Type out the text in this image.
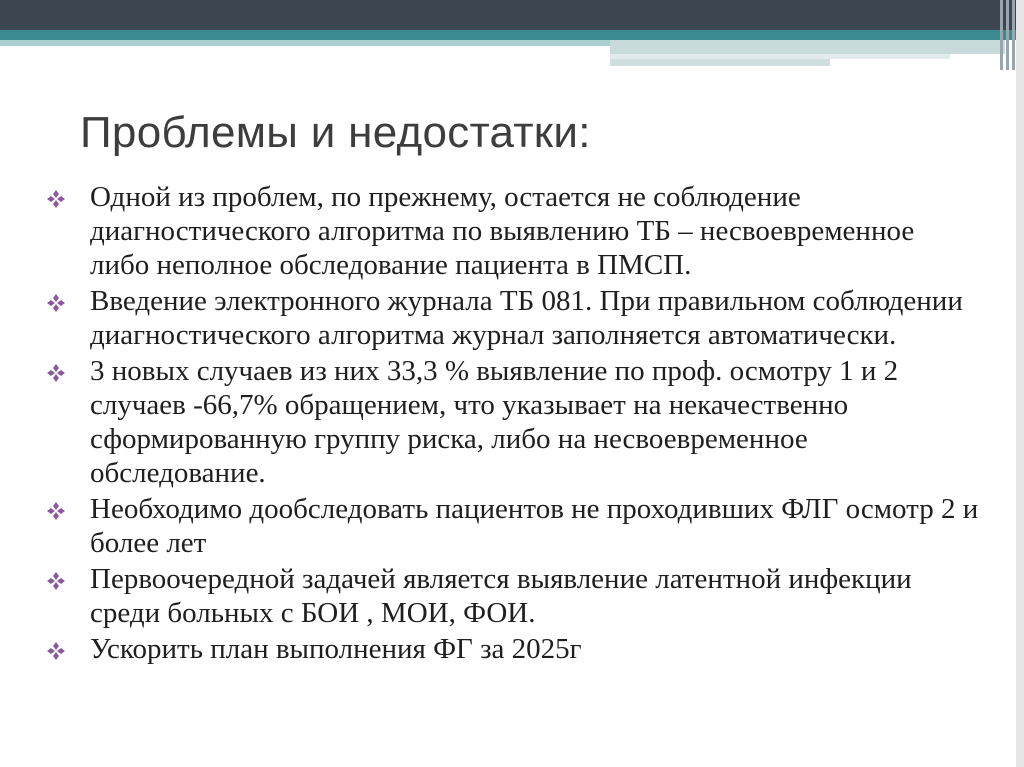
Проблемы и недостатки:
Одной из проблем, по прежнему, остается не соблюдение диагностического алгоритма по выявлению ТБ – несвоевременное либо неполное обследование пациента в ПМСП.
Введение электронного журнала ТБ 081. При правильном соблюдении диагностического алгоритма журнал заполняется автоматически.
3 новых случаев из них 33,3 % выявление по проф. осмотру 1 и 2 случаев -66,7% обращением, что указывает на некачественно сформированную группу риска, либо на несвоевременное обследование.
Необходимо дообследовать пациентов не проходивших ФЛГ осмотр 2 и более лет
Первоочередной задачей является выявление латентной инфекции среди больных с БОИ , МОИ, ФОИ.
Ускорить план выполнения ФГ за 2025г
